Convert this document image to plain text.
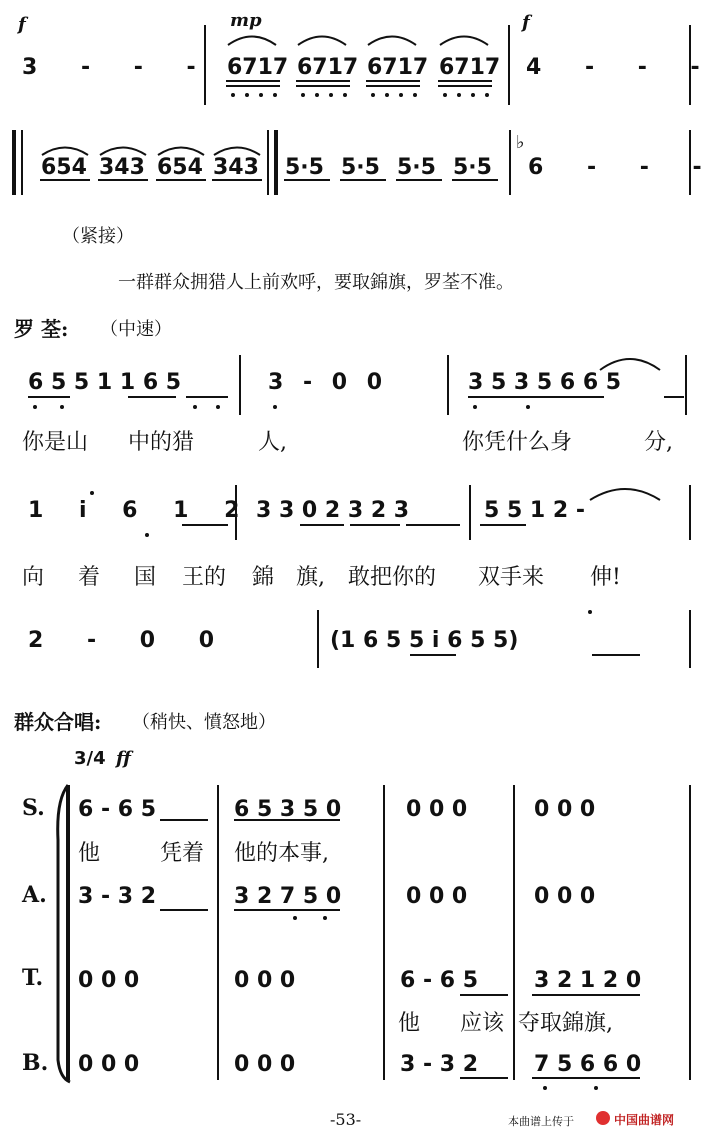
f
3 - - -
mp
6717 6717 6717 6717
f
4 - - -
654 343 654 343 5·5 5·5 5·5 5·5
♭
6 - - -
（紧接）
一群群众拥猎人上前欢呼，要取錦旗，罗荃不准。
罗 荃: （中速）
6 5 5 1 1 6 5	3 - 0 0	3 5 3 5 6 6 5
你是山 中的猎	人,	你凭什么身	分,
1 i 6 1 2 3 3 0 2 3 2 3	5 5 1 2 -
向 着 国 王的 錦 旗, 敢把你的 双手来 伸!
2 - 0 0	(1 6 5 5 i 6 5 5)
群众合唱: （稍快、憤怒地）
3/4 ff
S. 6 - 6 5	6 5 3 5 0	0 0 0	0 0 0
他	凭着 他的本事,
A. 3 - 3 2	3 2 7 5 0	0 0 0	0 0 0
T. 0 0 0	0 0 0	6 - 6 5	3 2 1 2 0
他 应该 夺取錦旗,
B. 0 0 0	0 0 0	3 - 3 2	7 5 6 6 0
-53-	本曲谱上传于	中国曲谱网
